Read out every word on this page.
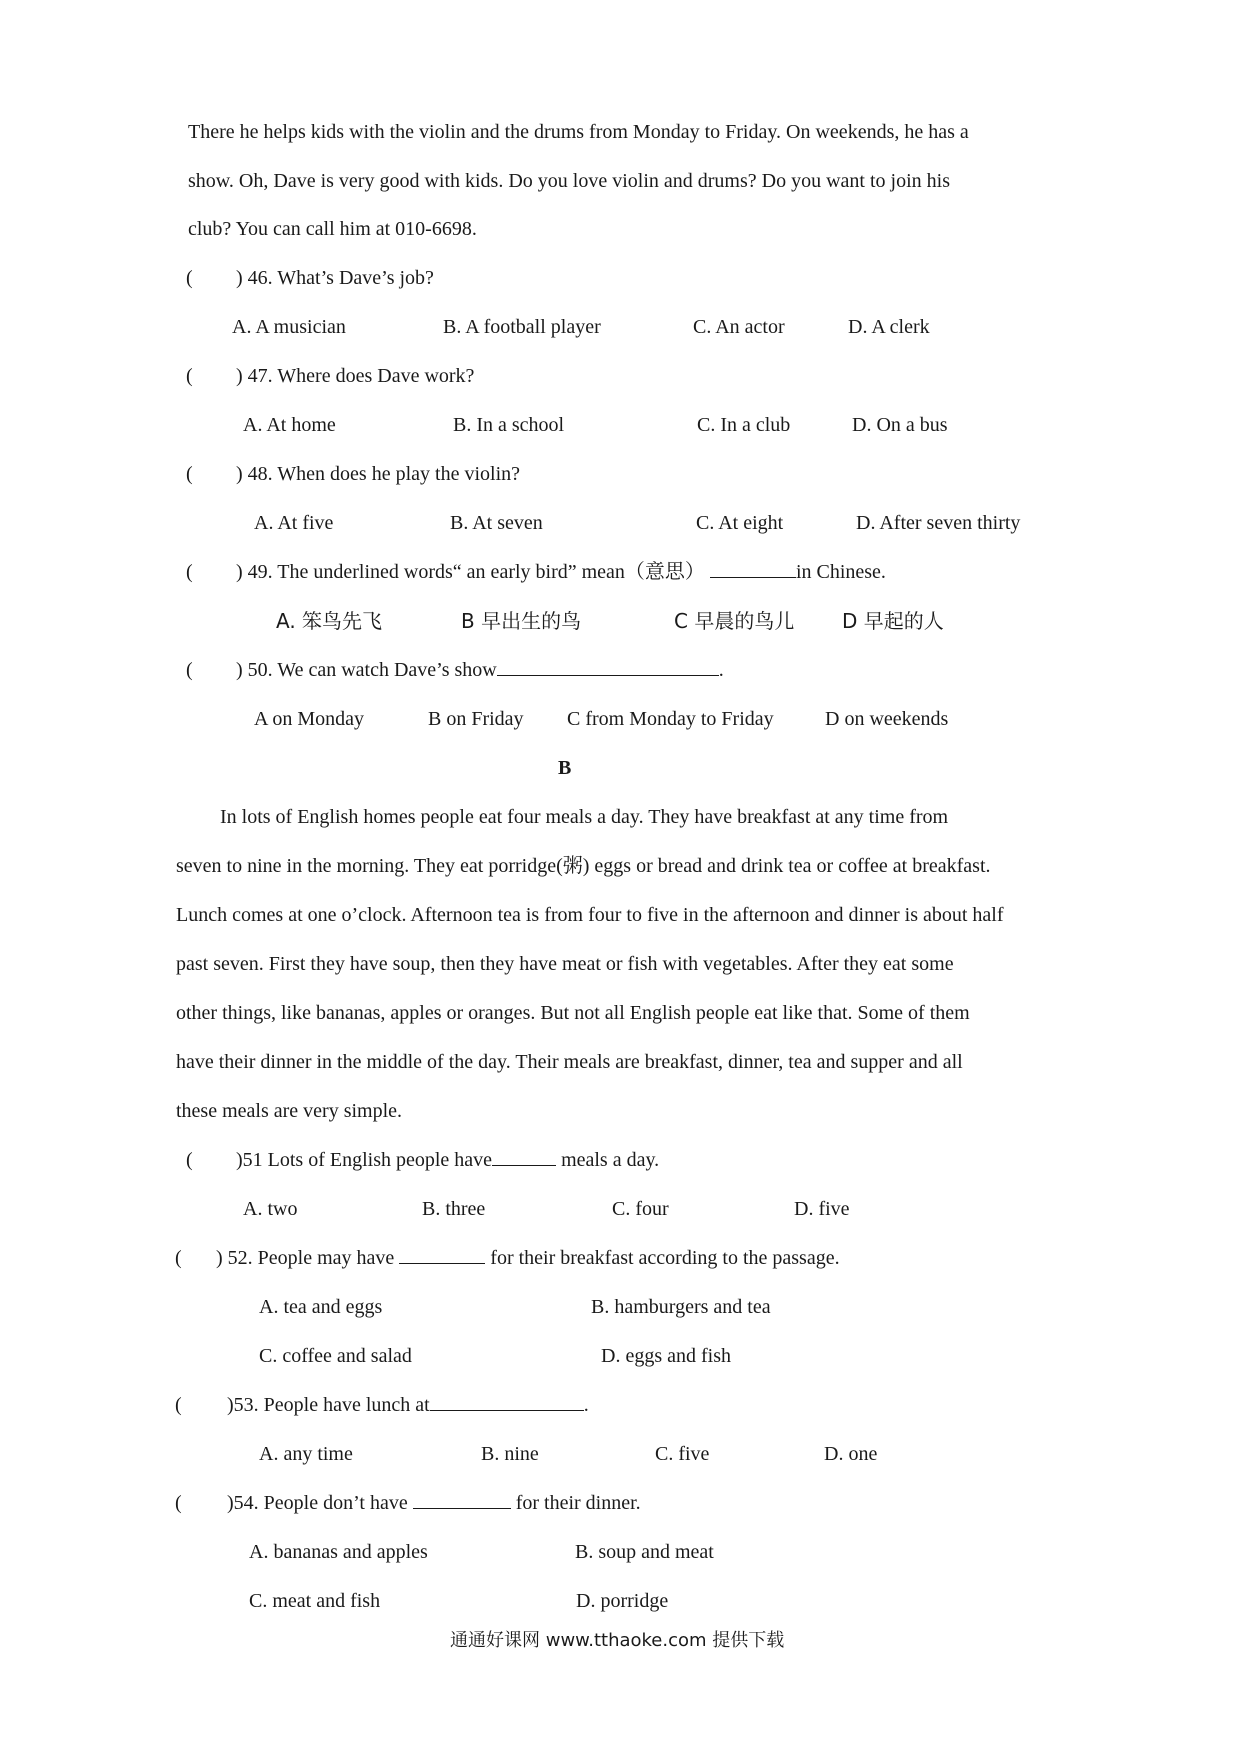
There he helps kids with the violin and the drums from Monday to Friday. On weekends, he has a
show. Oh, Dave is very good with kids. Do you love violin and drums? Do you want to join his
club? You can call him at 010-6698.
( ) 46. What’s Dave’s job?
A. A musician	B. A football player	C. An actor	D. A clerk
( ) 47. Where does Dave work?
A. At home	B. In a school	C. In a club	D. On a bus
( ) 48. When does he play the violin?
A. At five	B. At seven	C. At eight	D. After seven thirty
( ) 49. The underlined words“ an early bird” mean（意思）	in Chinese.
A. 笨鸟先飞	B 早出生的鸟	C 早晨的鸟儿 D 早起的人
( ) 50. We can watch Dave’s show	.
A on Monday	B on Friday C from Monday to Friday	D on weekends
B
In lots of English homes people eat four meals a day. They have breakfast at any time from
seven to nine in the morning. They eat porridge(粥) eggs or bread and drink tea or coffee at breakfast.
Lunch comes at one o’clock. Afternoon tea is from four to five in the afternoon and dinner is about half
past seven. First they have soup, then they have meat or fish with vegetables. After they eat some
other things, like bananas, apples or oranges. But not all English people eat like that. Some of them
have their dinner in the middle of the day. Their meals are breakfast, dinner, tea and supper and all
these meals are very simple.
( )51 Lots of English people have	meals a day.
A. two	B. three	C. four	D. five
( ) 52. People may have	for their breakfast according to the passage.
A. tea and eggs	B. hamburgers and tea
C. coffee and salad	D. eggs and fish
( )53. People have lunch at	.
A. any time	B. nine	C. five	D. one
( )54. People don’t have	for their dinner.
A. bananas and apples	B. soup and meat
C. meat and fish	D. porridge
通通好课网 www.tthaoke.com 提供下载
